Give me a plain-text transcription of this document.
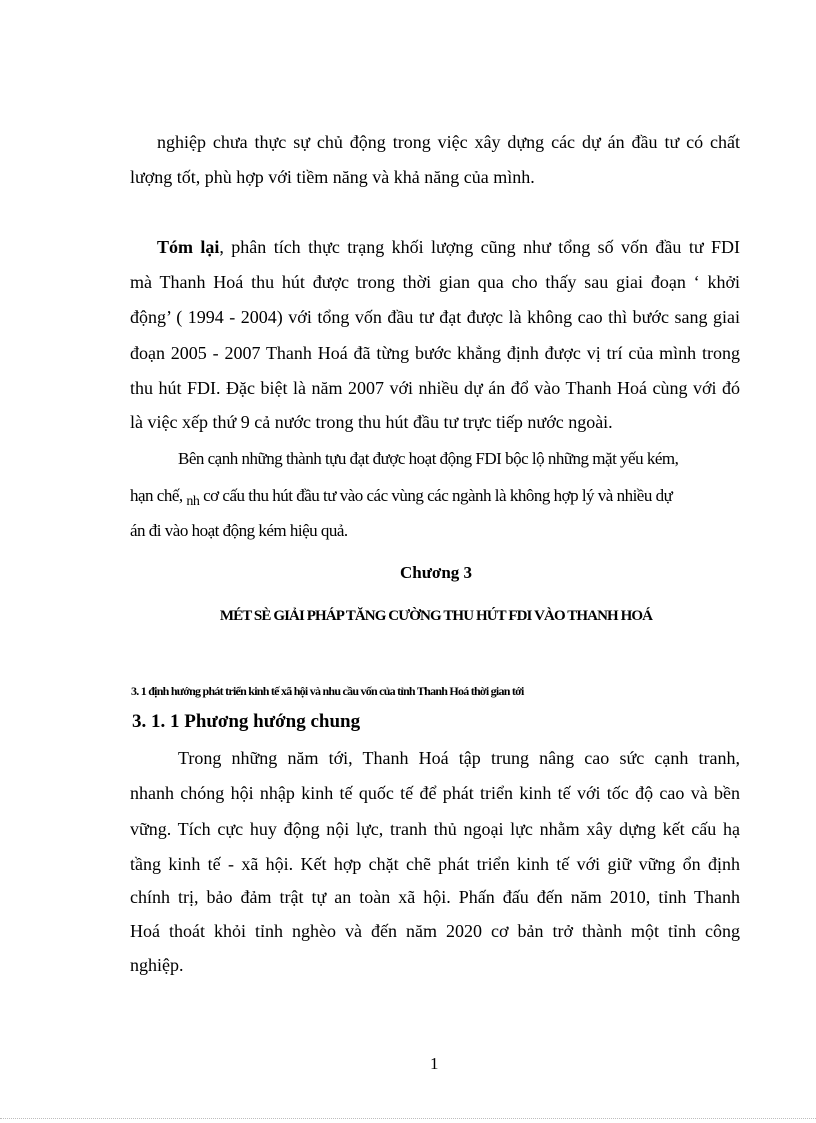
nghiệp chưa thực sự chủ động trong việc xây dựng các dự án đầu tư có chất
lượng tốt, phù hợp với tiềm năng và khả năng của mình.
Tóm lại, phân tích thực trạng khối lượng cũng như tổng số vốn đầu tư FDI
mà Thanh Hoá thu hút được trong thời gian qua cho thấy sau giai đoạn ‘ khởi
động’ ( 1994 - 2004) với tổng vốn đầu tư đạt được là không cao thì bước sang giai
đoạn 2005 - 2007 Thanh Hoá đã từng bước khẳng định được vị trí của mình trong
thu hút FDI. Đặc biệt là năm 2007 với nhiều dự án đổ vào Thanh Hoá cùng với đó
là việc xếp thứ 9 cả nước trong thu hút đầu tư trực tiếp nước ngoài.
Bên cạnh những thành tựu đạt được hoạt động FDI bộc lộ những mặt yếu kém,
hạn chế, $_{nh}$ cơ cấu thu hút đầu tư vào các vùng các ngành là không hợp lý và nhiều dự
án đi vào hoạt động kém hiệu quả.
Chương 3
MÉT SÈ GIẢI PHÁP TĂNG CƯỜNG THU HÚT FDI VÀO THANH HOÁ
3. 1 định hướng phát triển kinh tế xã hội và nhu cầu vốn của tỉnh Thanh Hoá thời gian tới
3. 1. 1 Phương hướng chung
Trong những năm tới, Thanh Hoá tập trung nâng cao sức cạnh tranh,
nhanh chóng hội nhập kinh tế quốc tế để phát triển kinh tế với tốc độ cao và bền
vững. Tích cực huy động nội lực, tranh thủ ngoại lực nhằm xây dựng kết cấu hạ
tầng kinh tế - xã hội. Kết hợp chặt chẽ phát triển kinh tế với giữ vững ổn định
chính trị, bảo đảm trật tự an toàn xã hội. Phấn đấu đến năm 2010, tỉnh Thanh
Hoá thoát khỏi tỉnh nghèo và đến năm 2020 cơ bản trở thành một tỉnh công
nghiệp.
1
